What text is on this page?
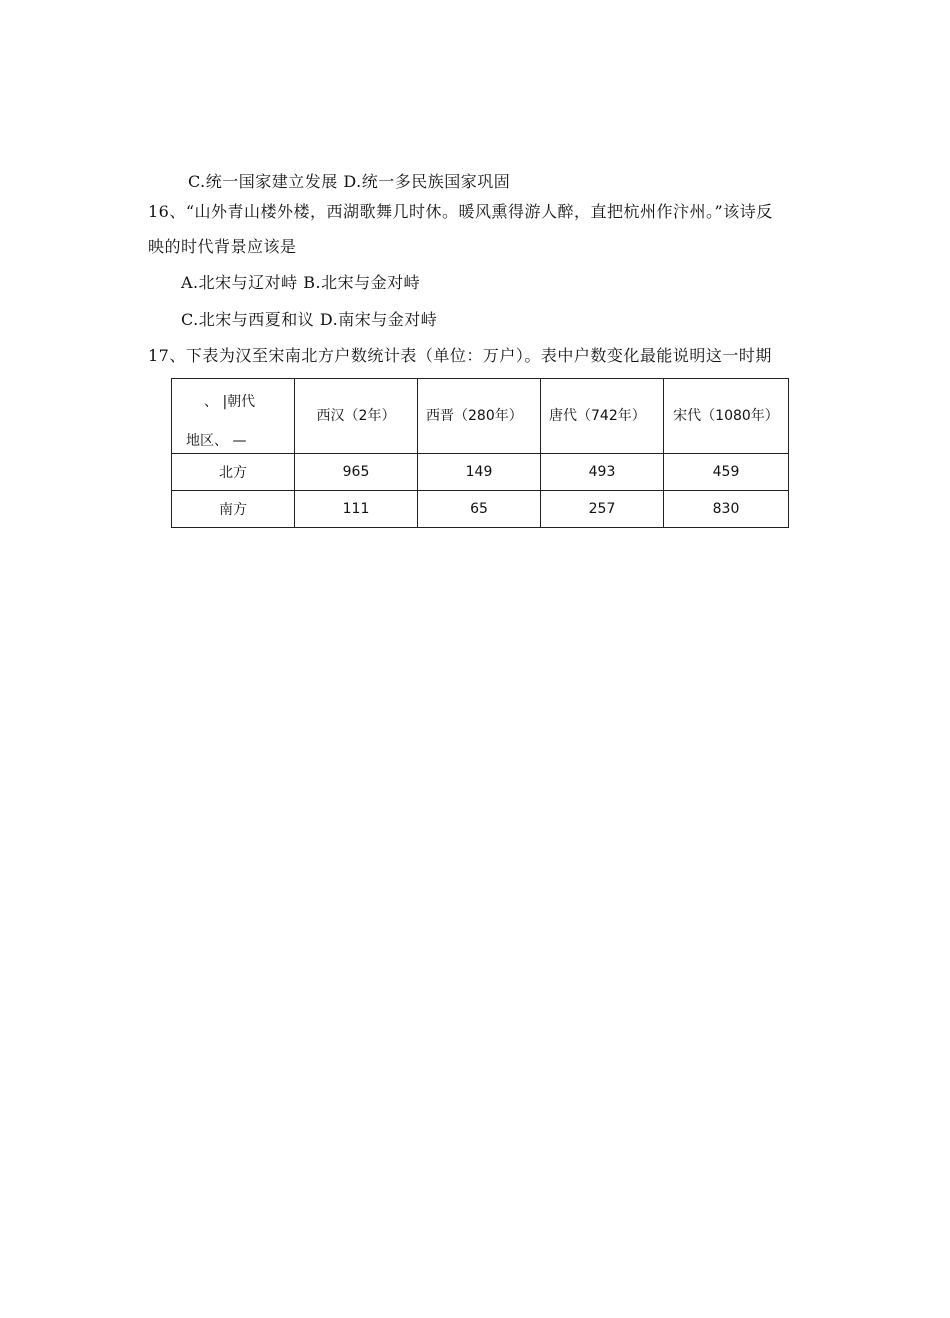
C.统一国家建立发展 D.统一多民族国家巩固
16、“山外青山楼外楼，西湖歌舞几时休。暖风熏得游人醉，直把杭州作汴州。”该诗反
映的时代背景应该是
A.北宋与辽对峙 B.北宋与金对峙
C.北宋与西夏和议 D.南宋与金对峙
17、下表为汉至宋南北方户数统计表（单位：万户）。表中户数变化最能说明这一时期
、 |朝代
地区、 —	西汉（2年）	西晋（280年）	唐代（742年）	宋代（1080年）

北方	965	149	493	459
南方	111	65	257	830
